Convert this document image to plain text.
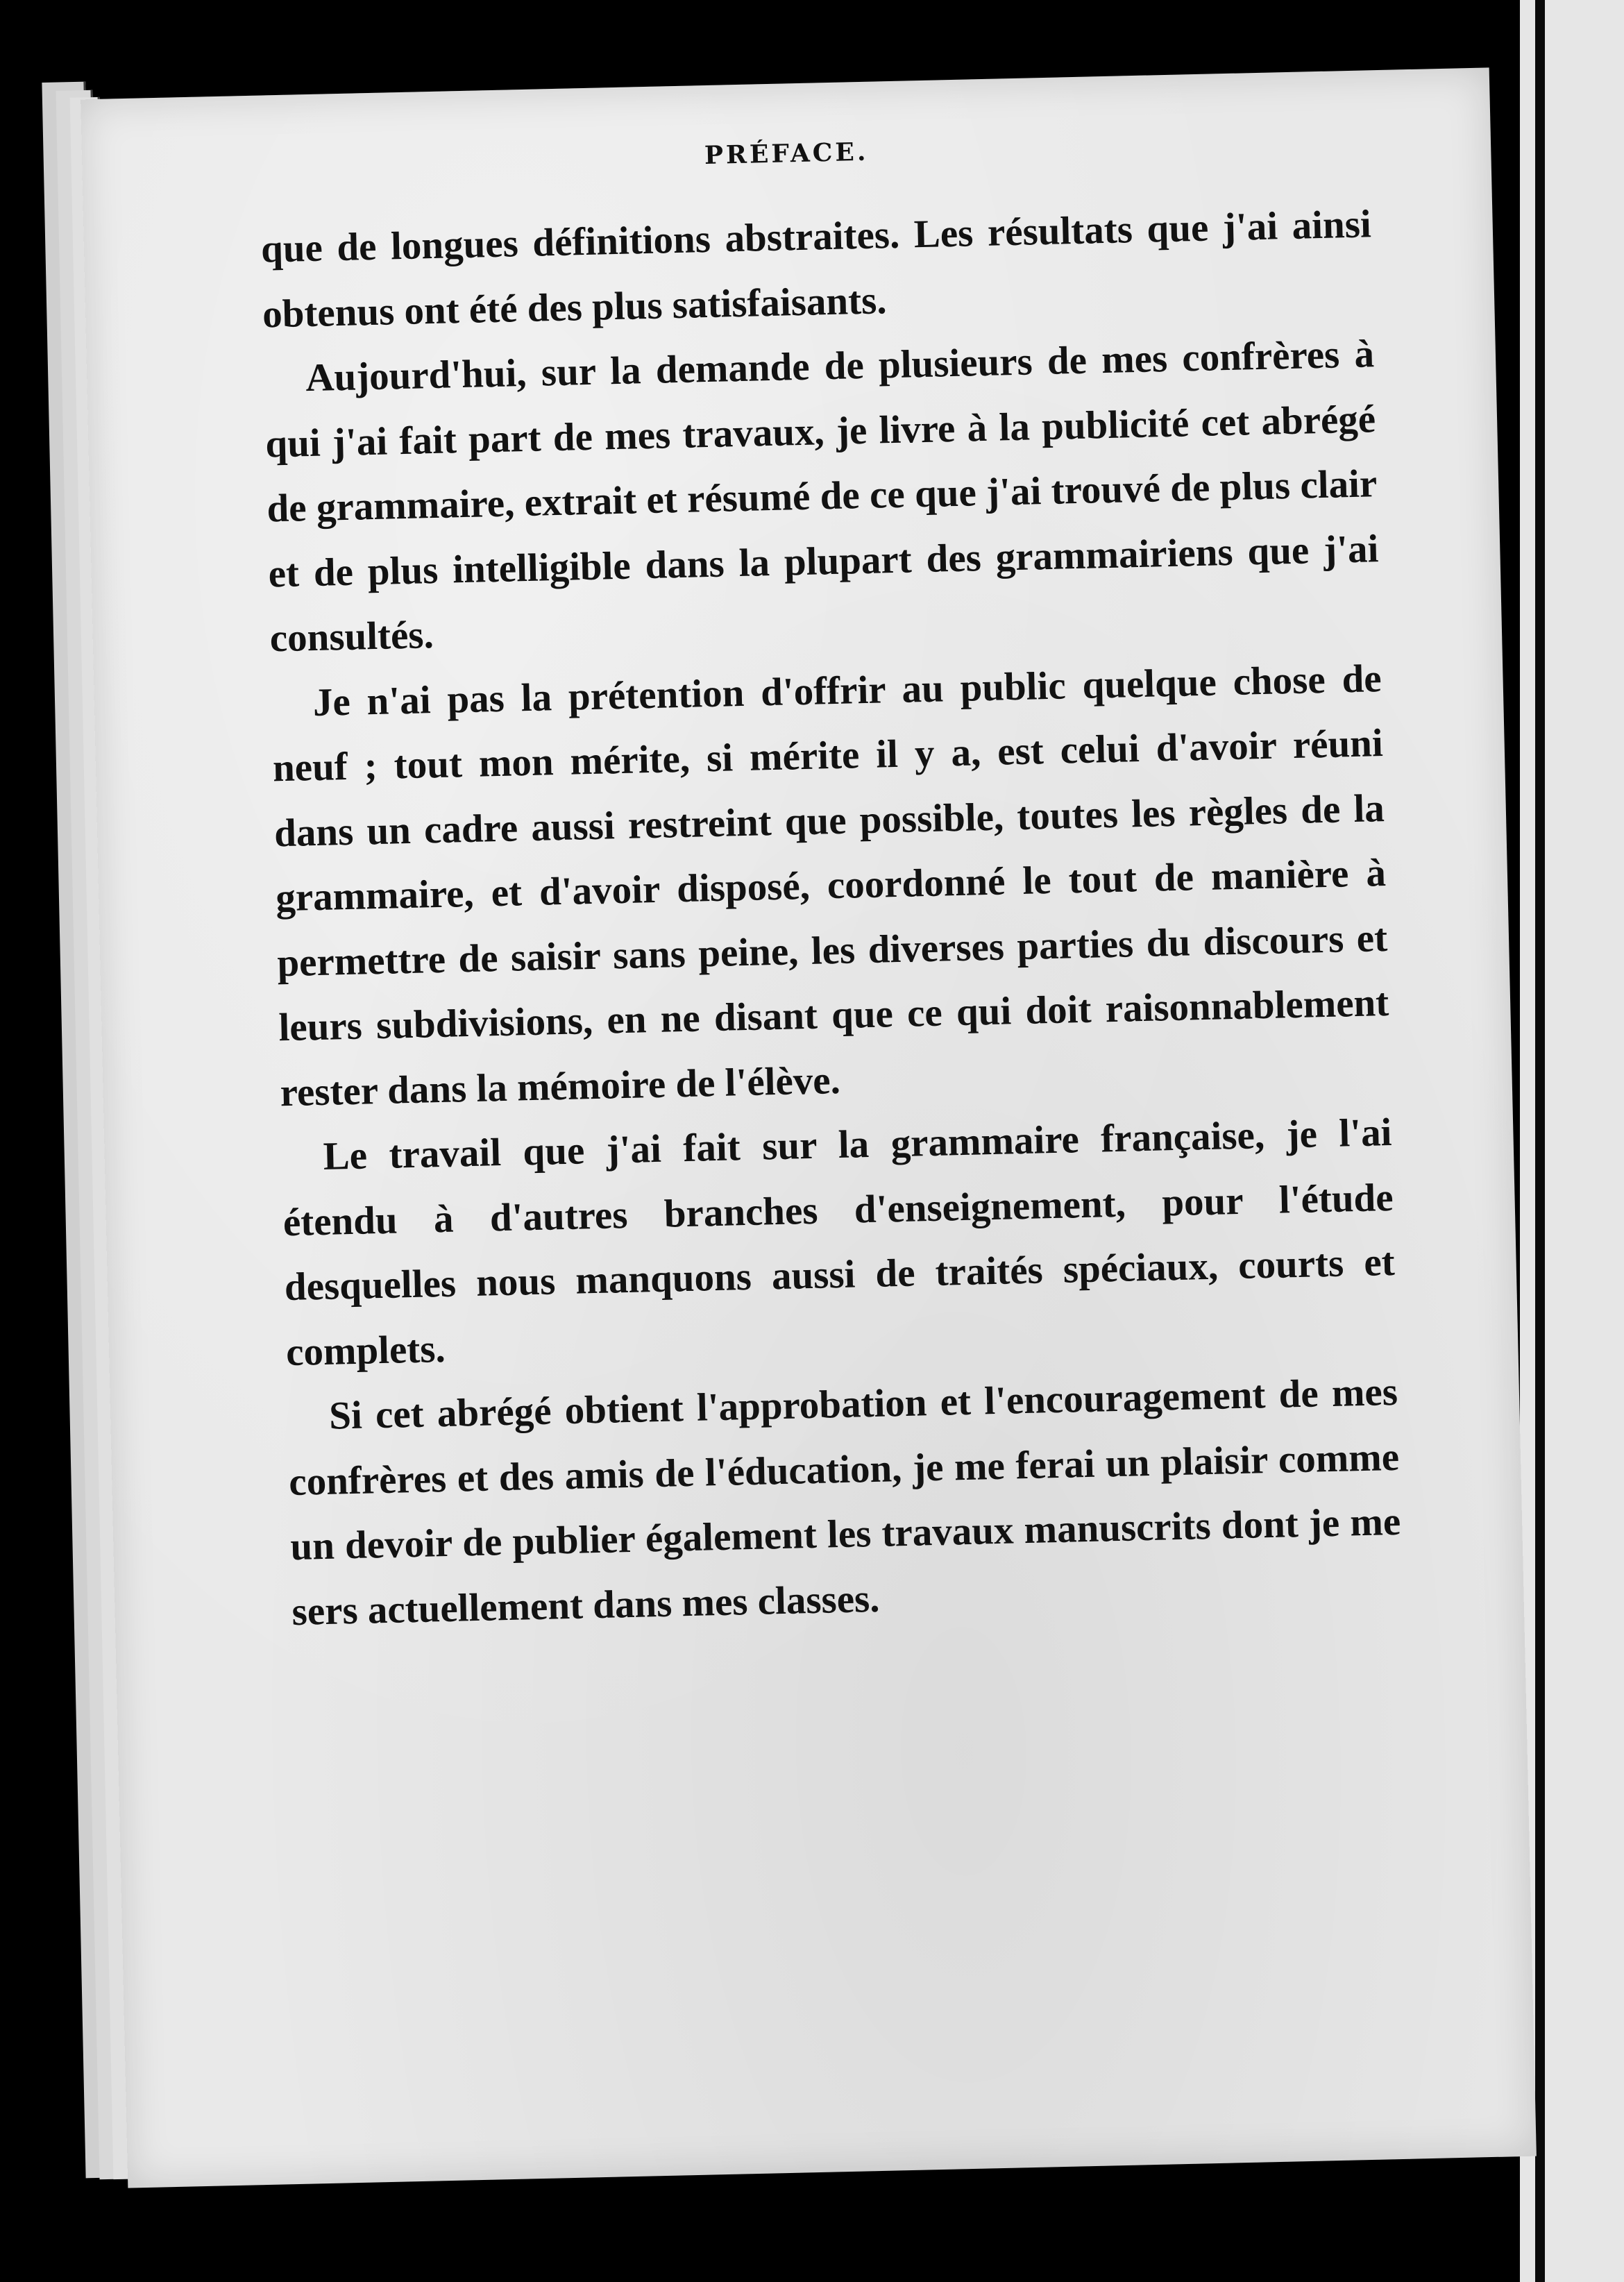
PRÉFACE.

que de longues définitions abstraites. Les résultats que j'ai ainsi obtenus ont été des plus satisfaisants.

Aujourd'hui, sur la demande de plusieurs de mes confrères à qui j'ai fait part de mes travaux, je livre à la publicité cet abrégé de grammaire, extrait et résumé de ce que j'ai trouvé de plus clair et de plus intelligible dans la plupart des grammairiens que j'ai consultés.

Je n'ai pas la prétention d'offrir au public quelque chose de neuf ; tout mon mérite, si mérite il y a, est celui d'avoir réuni dans un cadre aussi restreint que possible, toutes les règles de la grammaire, et d'avoir disposé, coordonné le tout de manière à permettre de saisir sans peine, les diverses parties du discours et leurs subdivisions, en ne disant que ce qui doit raisonnablement rester dans la mémoire de l'élève.

Le travail que j'ai fait sur la grammaire française, je l'ai étendu à d'autres branches d'enseignement, pour l'étude desquelles nous manquons aussi de traités spéciaux, courts et complets.

Si cet abrégé obtient l'approbation et l'encouragement de mes confrères et des amis de l'éducation, je me ferai un plaisir comme un devoir de publier également les travaux manuscrits dont je me sers actuellement dans mes classes.
